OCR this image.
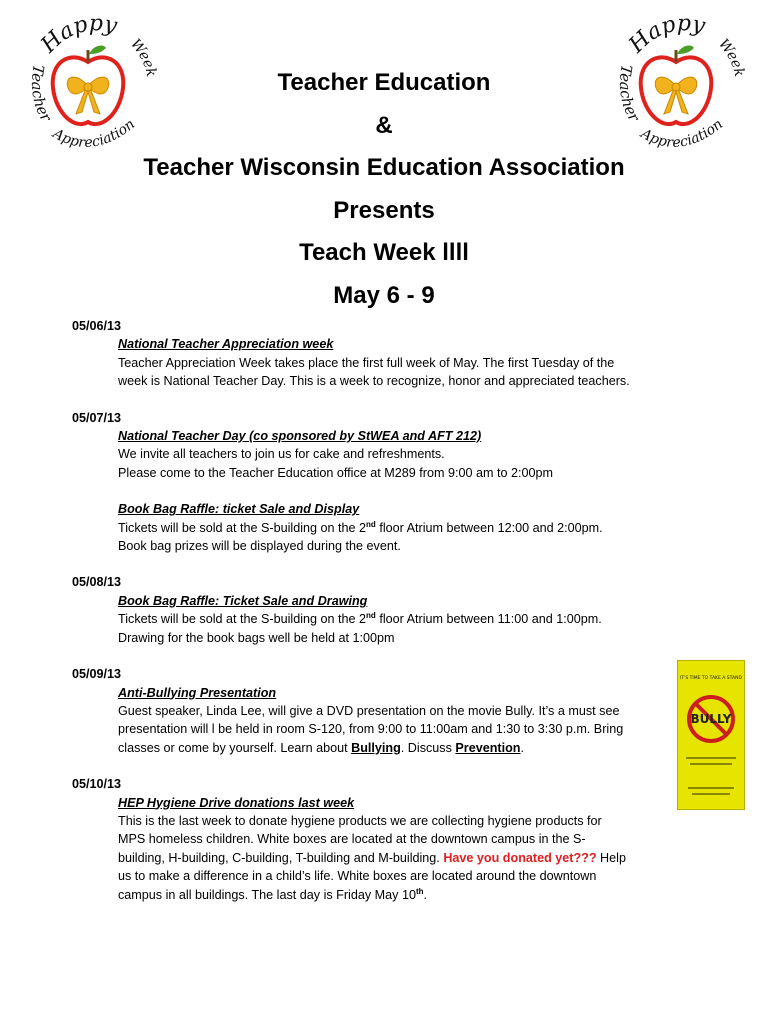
Happy
Teacher
Appreciation
Week
Happy
Teacher
Appreciation
Week
Teacher Education
&
Teacher Wisconsin Education Association
Presents
Teach Week llll
May 6 - 9

05/06/13

National Teacher Appreciation week
Teacher Appreciation Week takes place the first full week of May. The first Tuesday of the
week is National Teacher Day. This is a week to recognize, honor and appreciated teachers.

05/07/13

National Teacher Day (co sponsored by StWEA and AFT 212)
We invite all teachers to join us for cake and refreshments.
Please come to the Teacher Education office at M289 from 9:00 am to 2:00pm
Book Bag Raffle: ticket Sale and Display
Tickets will be sold at the S-building on the 2nd floor Atrium between 12:00 and 2:00pm.
Book bag prizes will be displayed during the event.

05/08/13

Book Bag Raffle: Ticket Sale and Drawing
Tickets will be sold at the S-building on the 2nd floor Atrium between 11:00 and 1:00pm.
Drawing for the book bags well be held at 1:00pm

05/09/13

Anti-Bullying Presentation
Guest speaker, Linda Lee, will give a DVD presentation on the movie Bully. It’s a must see
presentation will l be held in room S-120, from 9:00 to 11:00am and 1:30 to 3:30 p.m. Bring
classes or come by yourself. Learn about Bullying. Discuss Prevention.

05/10/13

HEP Hygiene Drive donations last week
This is the last week to donate hygiene products we are collecting hygiene products for
MPS homeless children. White boxes are located at the downtown campus in the S-
building, H-building, C-building, T-building and M-building. Have you donated yet??? Help
us to make a difference in a child’s life. White boxes are located around the downtown
campus in all buildings. The last day is Friday May 10th.
IT'S TIME TO TAKE A STAND
BULLY
